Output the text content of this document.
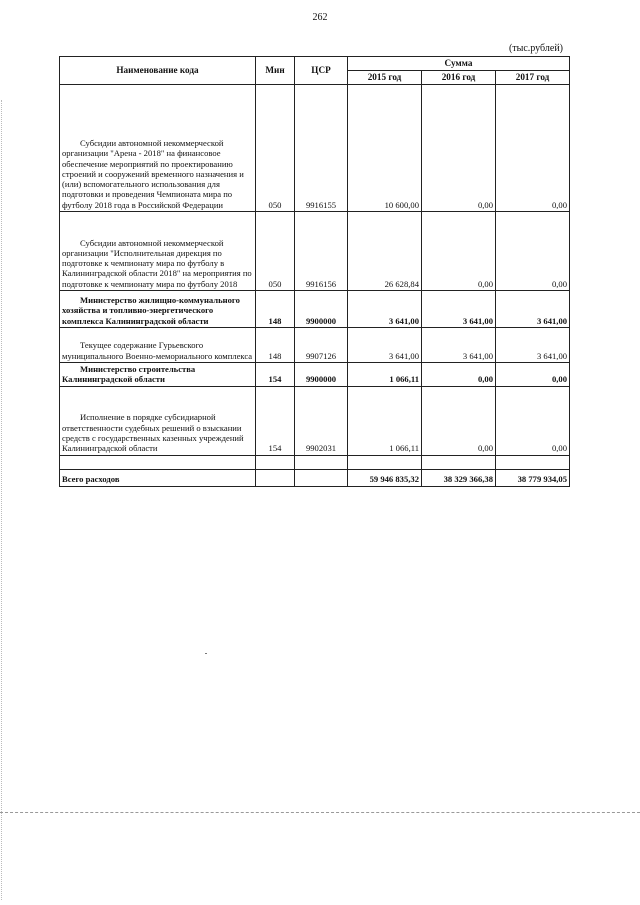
262
(тыс.рублей)
Наименование кода	Мин	ЦСР	Сумма		
			2015 год	2016 год	2017 год
Субсидии автономной некоммерческой организации "Арена - 2018" на финансовое обеспечение мероприятий по проектированию строений и сооружений временного назначения и (или) вспомогательного использования для подготовки и проведения Чемпионата мира по футболу 2018 года в Российской Федерации	050	9916155	10 600,00	0,00	0,00
Субсидии автономной некоммерческой организации "Исполнительная дирекция по подготовке к чемпионату мира по футболу в Калининградской области 2018" на мероприятия по подготовке к чемпионату мира по футболу 2018	050	9916156	26 628,84	0,00	0,00
Министерство жилищно-коммунального хозяйства и топливно-энергетического комплекса Калининградской области	148	9900000	3 641,00	3 641,00	3 641,00
Текущее содержание Гурьевского муниципального Военно-мемориального комплекса	148	9907126	3 641,00	3 641,00	3 641,00
Министерство строительства Калининградской области	154	9900000	1 066,11	0,00	0,00
Исполнение в порядке субсидиарной ответственности судебных решений о взыскании средств с государственных казенных учреждений Калининградской области	154	9902031	1 066,11	0,00	0,00

Всего расходов			59 946 835,32	38 329 366,38	38 779 934,05
